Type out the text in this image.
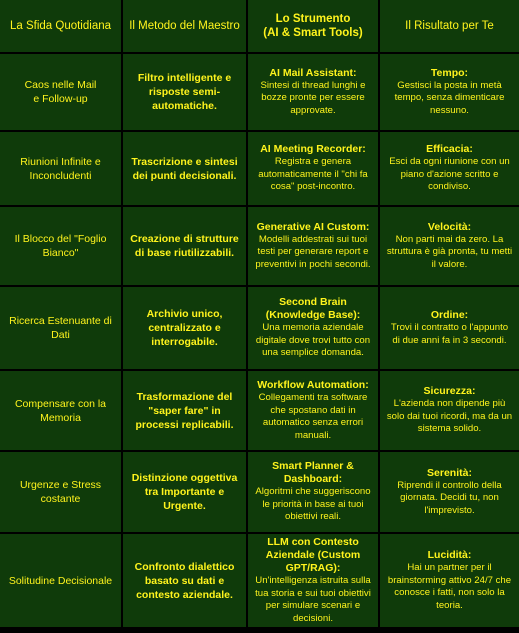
La Sfida Quotidiana	Il Metodo del Maestro
Lo Strumento
(AI & Smart Tools)
Il Risultato per Te
Caos nelle Mail
e Follow-up
Filtro intelligente e risposte semi-automatiche.
AI Mail Assistant:
Sintesi di thread lunghi e bozze pronte per essere approvate.
Tempo:
Gestisci la posta in metà tempo, senza dimenticare nessuno.
Riunioni Infinite e Inconcludenti
Trascrizione e sintesi dei punti decisionali.
AI Meeting Recorder:
Registra e genera automaticamente il "chi fa cosa" post-incontro.
Efficacia:
Esci da ogni riunione con un piano d'azione scritto e condiviso.
Il Blocco del "Foglio Bianco"
Creazione di strutture di base riutilizzabili.
Generative AI Custom:
Modelli addestrati sui tuoi testi per generare report e preventivi in pochi secondi.
Velocità:
Non parti mai da zero. La struttura è già pronta, tu metti il valore.
Ricerca Estenuante di Dati
Archivio unico, centralizzato e interrogabile.
Second Brain (Knowledge Base):
Una memoria aziendale digitale dove trovi tutto con una semplice domanda.
Ordine:
Trovi il contratto o l'appunto di due anni fa in 3 secondi.
Compensare con la Memoria
Trasformazione del "saper fare" in processi replicabili.
Workflow Automation:
Collegamenti tra software che spostano dati in automatico senza errori manuali.
Sicurezza:
L'azienda non dipende più solo dai tuoi ricordi, ma da un sistema solido.
Urgenze e Stress costante
Distinzione oggettiva tra Importante e Urgente.
Smart Planner & Dashboard:
Algoritmi che suggeriscono le priorità in base ai tuoi obiettivi reali.
Serenità:
Riprendi il controllo della giornata. Decidi tu, non l'imprevisto.
Solitudine Decisionale
Confronto dialettico basato su dati e contesto aziendale.
LLM con Contesto Aziendale (Custom GPT/RAG):
Un'intelligenza istruita sulla tua storia e sui tuoi obiettivi per simulare scenari e decisioni.
Lucidità:
Hai un partner per il brainstorming attivo 24/7 che conosce i fatti, non solo la teoria.
